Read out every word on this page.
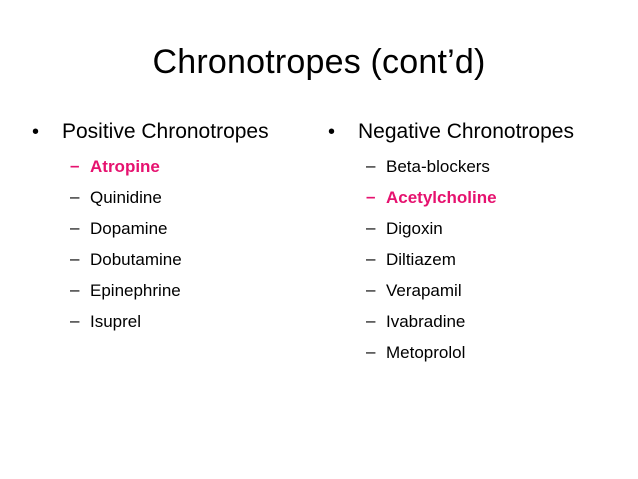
Chronotropes (cont’d)
• Positive Chronotropes
– Atropine
– Quinidine
– Dopamine
– Dobutamine
– Epinephrine
– Isuprel
• Negative Chronotropes
– Beta-blockers
– Acetylcholine
– Digoxin
– Diltiazem
– Verapamil
– Ivabradine
– Metoprolol
